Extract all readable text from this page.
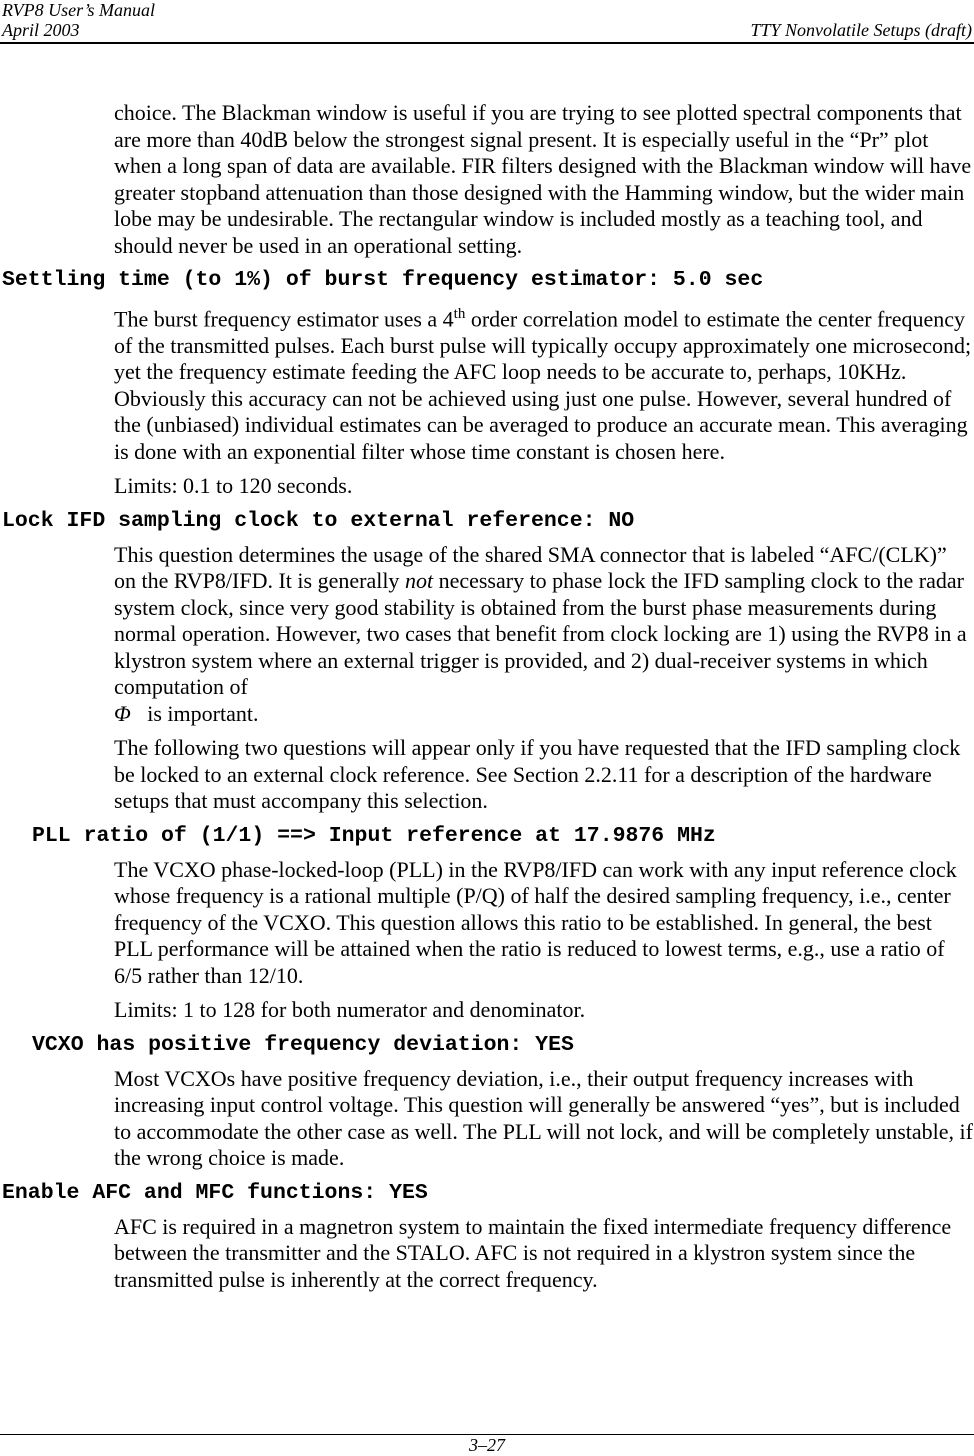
RVP8 User’s Manual
April 2003	TTY Nonvolatile Setups (draft)

choice. The Blackman window is useful if you are trying to see plotted spectral components that are more than 40dB below the strongest signal present. It is especially useful in the “Pr” plot when a long span of data are available. FIR filters designed with the Blackman window will have greater stopband attenuation than those designed with the Hamming window, but the wider main lobe may be undesirable. The rectangular window is included mostly as a teaching tool, and should never be used in an operational setting.

Settling time (to 1%) of burst frequency estimator: 5.0 sec

The burst frequency estimator uses a 4th order correlation model to estimate the center frequency of the transmitted pulses. Each burst pulse will typically occupy approximately one microsecond; yet the frequency estimate feeding the AFC loop needs to be accurate to, perhaps, 10KHz. Obviously this accuracy can not be achieved using just one pulse. However, several hundred of the (unbiased) individual estimates can be averaged to produce an accurate mean. This averaging is done with an exponential filter whose time constant is chosen here.

Limits: 0.1 to 120 seconds.

Lock IFD sampling clock to external reference: NO

This question determines the usage of the shared SMA connector that is labeled “AFC/(CLK)” on the RVP8/IFD. It is generally not necessary to phase lock the IFD sampling clock to the radar system clock, since very good stability is obtained from the burst phase measurements during normal operation. However, two cases that benefit from clock locking are 1) using the RVP8 in a klystron system where an external trigger is provided, and 2) dual-receiver systems in which computation of
Φ is important.

The following two questions will appear only if you have requested that the IFD sampling clock be locked to an external clock reference. See Section 2.2.11 for a description of the hardware setups that must accompany this selection.

PLL ratio of (1/1) ==> Input reference at 17.9876 MHz

The VCXO phase-locked-loop (PLL) in the RVP8/IFD can work with any input reference clock whose frequency is a rational multiple (P/Q) of half the desired sampling frequency, i.e., center frequency of the VCXO. This question allows this ratio to be established. In general, the best PLL performance will be attained when the ratio is reduced to lowest terms, e.g., use a ratio of 6/5 rather than 12/10.

Limits: 1 to 128 for both numerator and denominator.

VCXO has positive frequency deviation: YES

Most VCXOs have positive frequency deviation, i.e., their output frequency increases with increasing input control voltage. This question will generally be answered “yes”, but is included to accommodate the other case as well. The PLL will not lock, and will be completely unstable, if the wrong choice is made.

Enable AFC and MFC functions: YES

AFC is required in a magnetron system to maintain the fixed intermediate frequency difference between the transmitter and the STALO. AFC is not required in a klystron system since the transmitted pulse is inherently at the correct frequency.

3–27
